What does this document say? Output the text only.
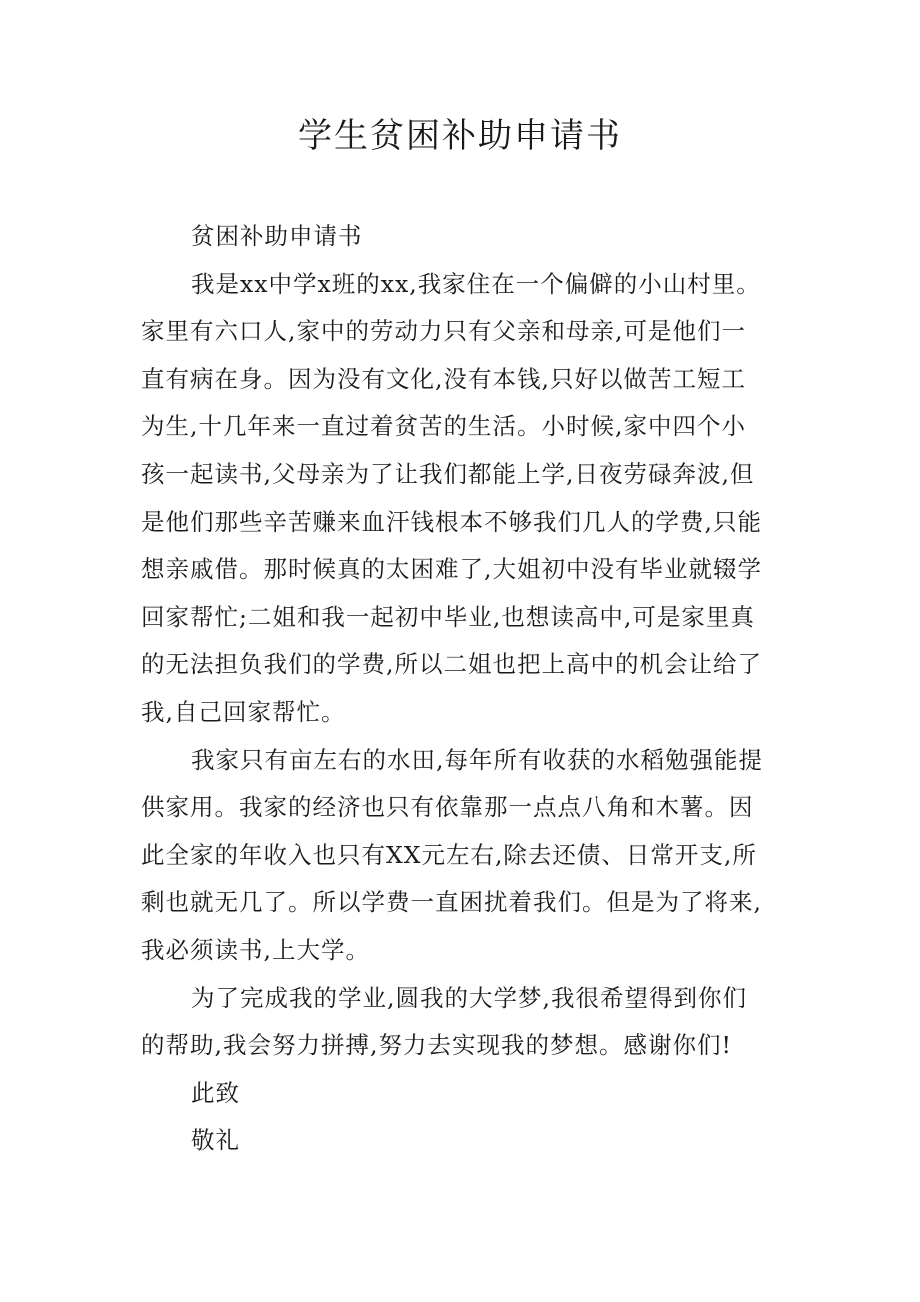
学生贫困补助申请书
贫困补助申请书
我是xx中学x班的xx,我家住在一个偏僻的小山村里。
家里有六口人,家中的劳动力只有父亲和母亲,可是他们一
直有病在身。因为没有文化,没有本钱,只好以做苦工短工
为生,十几年来一直过着贫苦的生活。小时候,家中四个小
孩一起读书,父母亲为了让我们都能上学,日夜劳碌奔波,但
是他们那些辛苦赚来血汗钱根本不够我们几人的学费,只能
想亲戚借。那时候真的太困难了,大姐初中没有毕业就辍学
回家帮忙;二姐和我一起初中毕业,也想读高中,可是家里真
的无法担负我们的学费,所以二姐也把上高中的机会让给了
我,自己回家帮忙。
我家只有亩左右的水田,每年所有收获的水稻勉强能提
供家用。我家的经济也只有依靠那一点点八角和木薯。因
此全家的年收入也只有XX元左右,除去还债、日常开支,所
剩也就无几了。所以学费一直困扰着我们。但是为了将来,
我必须读书,上大学。
为了完成我的学业,圆我的大学梦,我很希望得到你们
的帮助,我会努力拼搏,努力去实现我的梦想。感谢你们!
此致
敬礼
